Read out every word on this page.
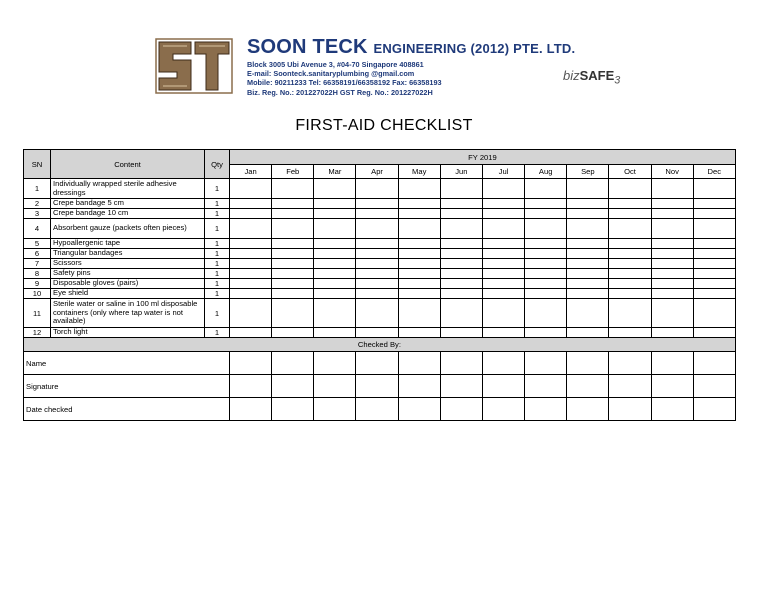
SOON TECK ENGINEERING (2012) PTE. LTD.
Block 3005 Ubi Avenue 3, #04-70 Singapore 408861
E-mail: Soonteck.sanitaryplumbing @gmail.com
Mobile: 90211233 Tel: 66358191/66358192 Fax: 66358193
Biz. Reg. No.: 201227022H GST Reg. No.: 201227022H
bizSAFE$_3$
FIRST-AID CHECKLIST
SN	Content	Qty	FY 2019											
			Jan	Feb	Mar	Apr	May	Jun	Jul	Aug	Sep	Oct	Nov	Dec
1	Individually wrapped sterile adhesive dressings	1												
2	Crepe bandage 5 cm	1												
3	Crepe bandage 10 cm	1												
4	Absorbent gauze (packets often pieces)	1												
5	Hypoallergenic tape	1												
6	Triangular bandages	1												
7	Scissors	1												
8	Safety pins	1												
9	Disposable gloves (pairs)	1												
10	Eye shield	1												
11	Sterile water or saline in 100 ml disposable containers (only where tap water is not available)	1												
12	Torch light	1												
Checked By:														
Name														
Signature														
Date checked														
